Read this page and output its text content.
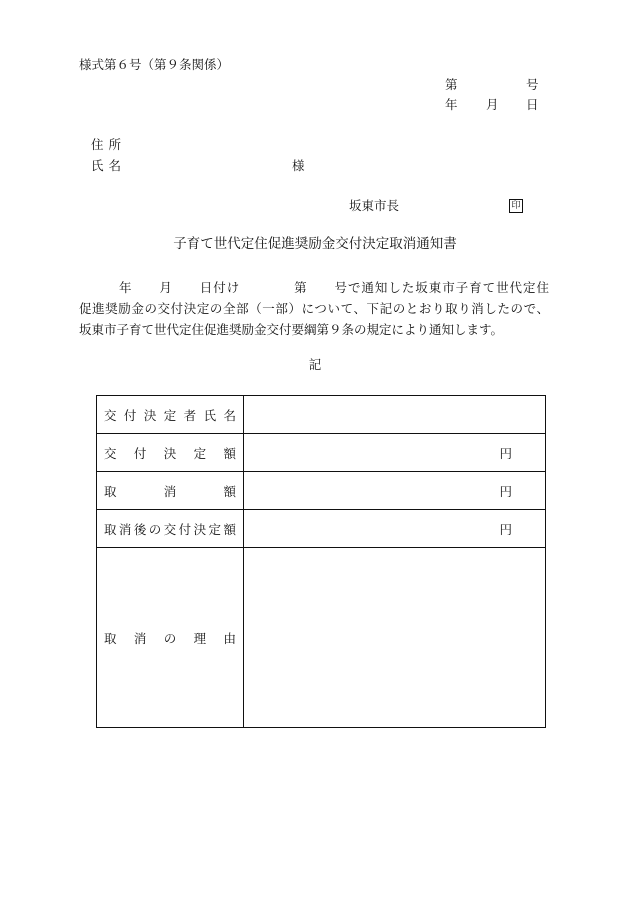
様式第６号（第９条関係）
第	号
年 月 日
住所
氏名	様
坂東市長	印
子育て世代定住促進奨励金交付決定取消通知書
年　　月　　日付け　　　　第　　号で通知した坂東市子育て世代定住
促進奨励金の交付決定の全部（一部）について、下記のとおり取り消したので、
坂東市子育て世代定住促進奨励金交付要綱第９条の規定により通知します。
記
交付決定者氏名	
交付決定額	円
取消額	円
取消後の交付決定額	円
取消の理由	
